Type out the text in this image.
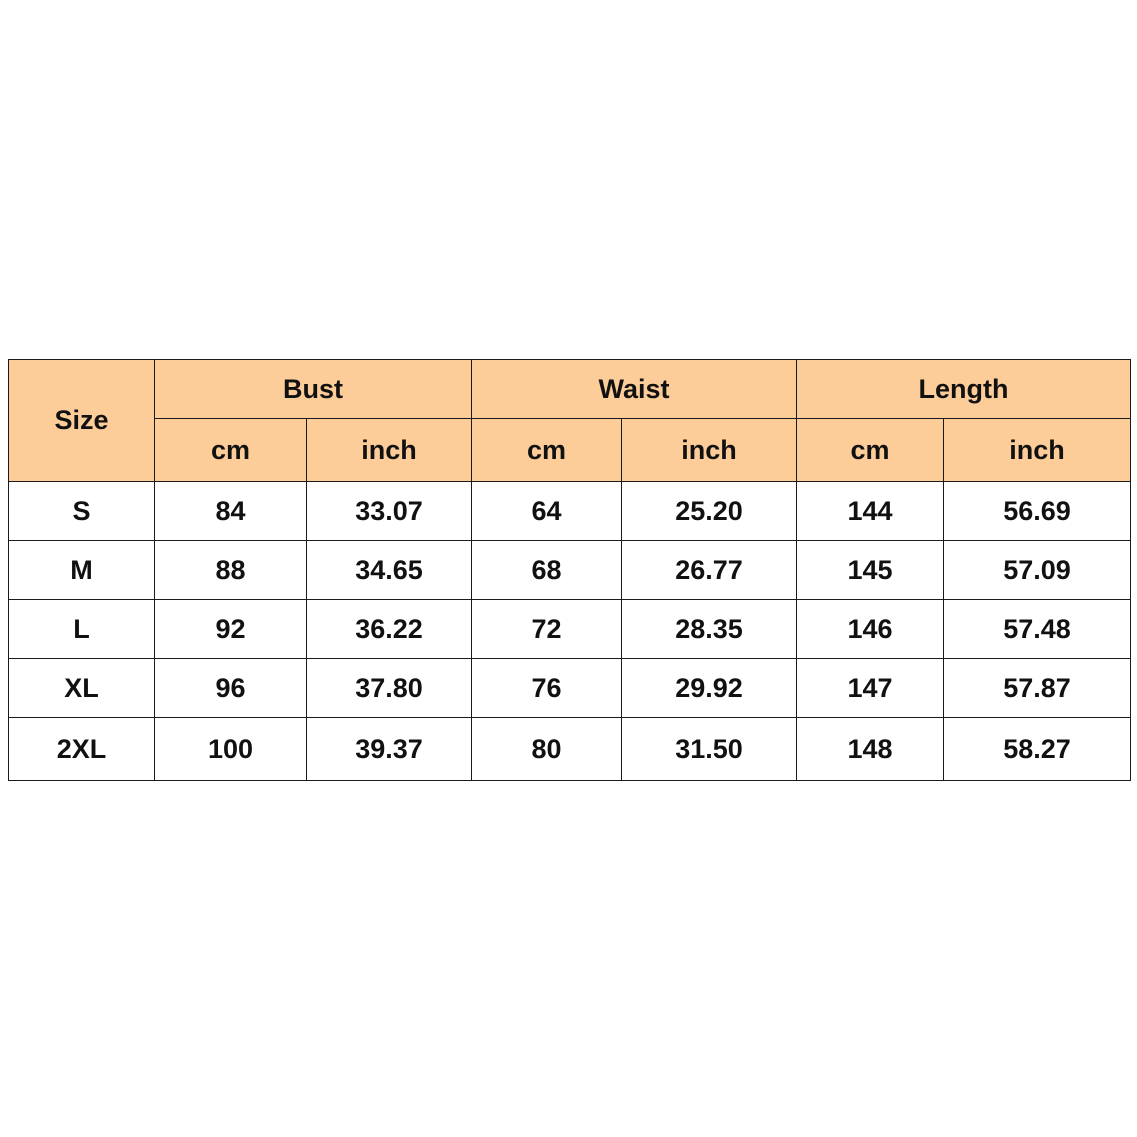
Size	Bust		Waist		Length	
	cm	inch	cm	inch	cm	inch
S	84	33.07	64	25.20	144	56.69
M	88	34.65	68	26.77	145	57.09
L	92	36.22	72	28.35	146	57.48
XL	96	37.80	76	29.92	147	57.87
2XL	100	39.37	80	31.50	148	58.27
